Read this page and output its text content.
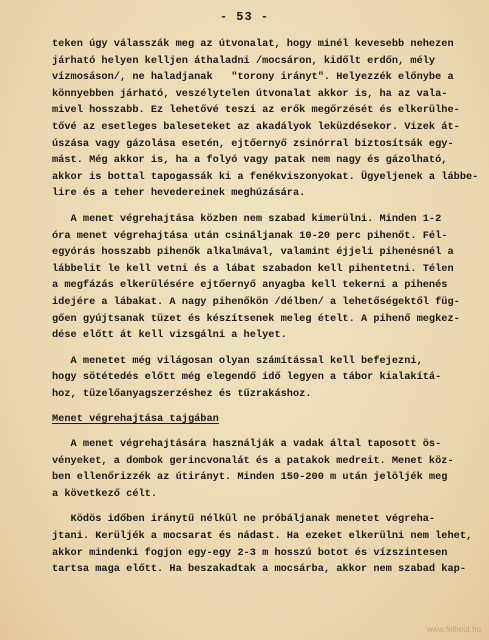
- 53 -
teken úgy válasszák meg az útvonalat, hogy minél kevesebb nehezen
járható helyen kelljen áthaladni /mocsáron, kidőlt erdőn, mély
vízmosáson/, ne haladjanak   "torony irányt". Helyezzék előnybe a
könnyebben járható, veszélytelen útvonalat akkor is, ha az vala-
mivel hosszabb. Ez lehetővé teszi az erők megőrzését és elkerülhe-
tővé az esetleges baleseteket az akadályok leküzdésekor. Vizek át-
úszása vagy gázolása esetén, ejtőernyő zsinórral biztosítsák egy-
mást. Még akkor is, ha a folyó vagy patak nem nagy és gázolható,
akkor is bottal tapogassák ki a fenékviszonyokat. Ügyeljenek a lábbe-
lire és a teher hevedereinek meghúzására.
A menet végrehajtása közben nem szabad kimerülni. Minden 1-2
óra menet végrehajtása után csináljanak 10-20 perc pihenőt. Fél-
egyórás hosszabb pihenők alkalmával, valamint éjjeli pihenésnél a
lábbelit le kell vetni és a lábat szabadon kell pihentetni. Télen
a megfázás elkerülésére ejtőernyő anyagba kell tekerni a pihenés
idejére a lábakat. A nagy pihenőkön /délben/ a lehetőségektől füg-
gően gyújtsanak tüzet és készítsenek meleg ételt. A pihenő megkez-
dése előtt át kell vizsgálni a helyet.
A menetet még világosan olyan számítással kell befejezni,
hogy sötétedés előtt még elegendő idő legyen a tábor kialakítá-
hoz, tüzelőanyagszerzéshez és tűzrakáshoz.
Menet végrehajtása tajgában
A menet végrehajtására használják a vadak által taposott ös-
vényeket, a dombok gerincvonalát és a patakok medreit. Menet köz-
ben ellenőrizzék az útirányt. Minden 150-200 m után jelöljék meg
a következő célt.
Ködös időben iránytű nélkül ne próbáljanak menetet végreha-
jtani. Kerüljék a mocsarat és nádast. Ha ezeket elkerülni nem lehet,
akkor mindenki fogjon egy-egy 2-3 m hosszú botot és vízszintesen
tartsa maga előtt. Ha beszakadtak a mocsárba, akkor nem szabad kap-
www.felhout.hu
